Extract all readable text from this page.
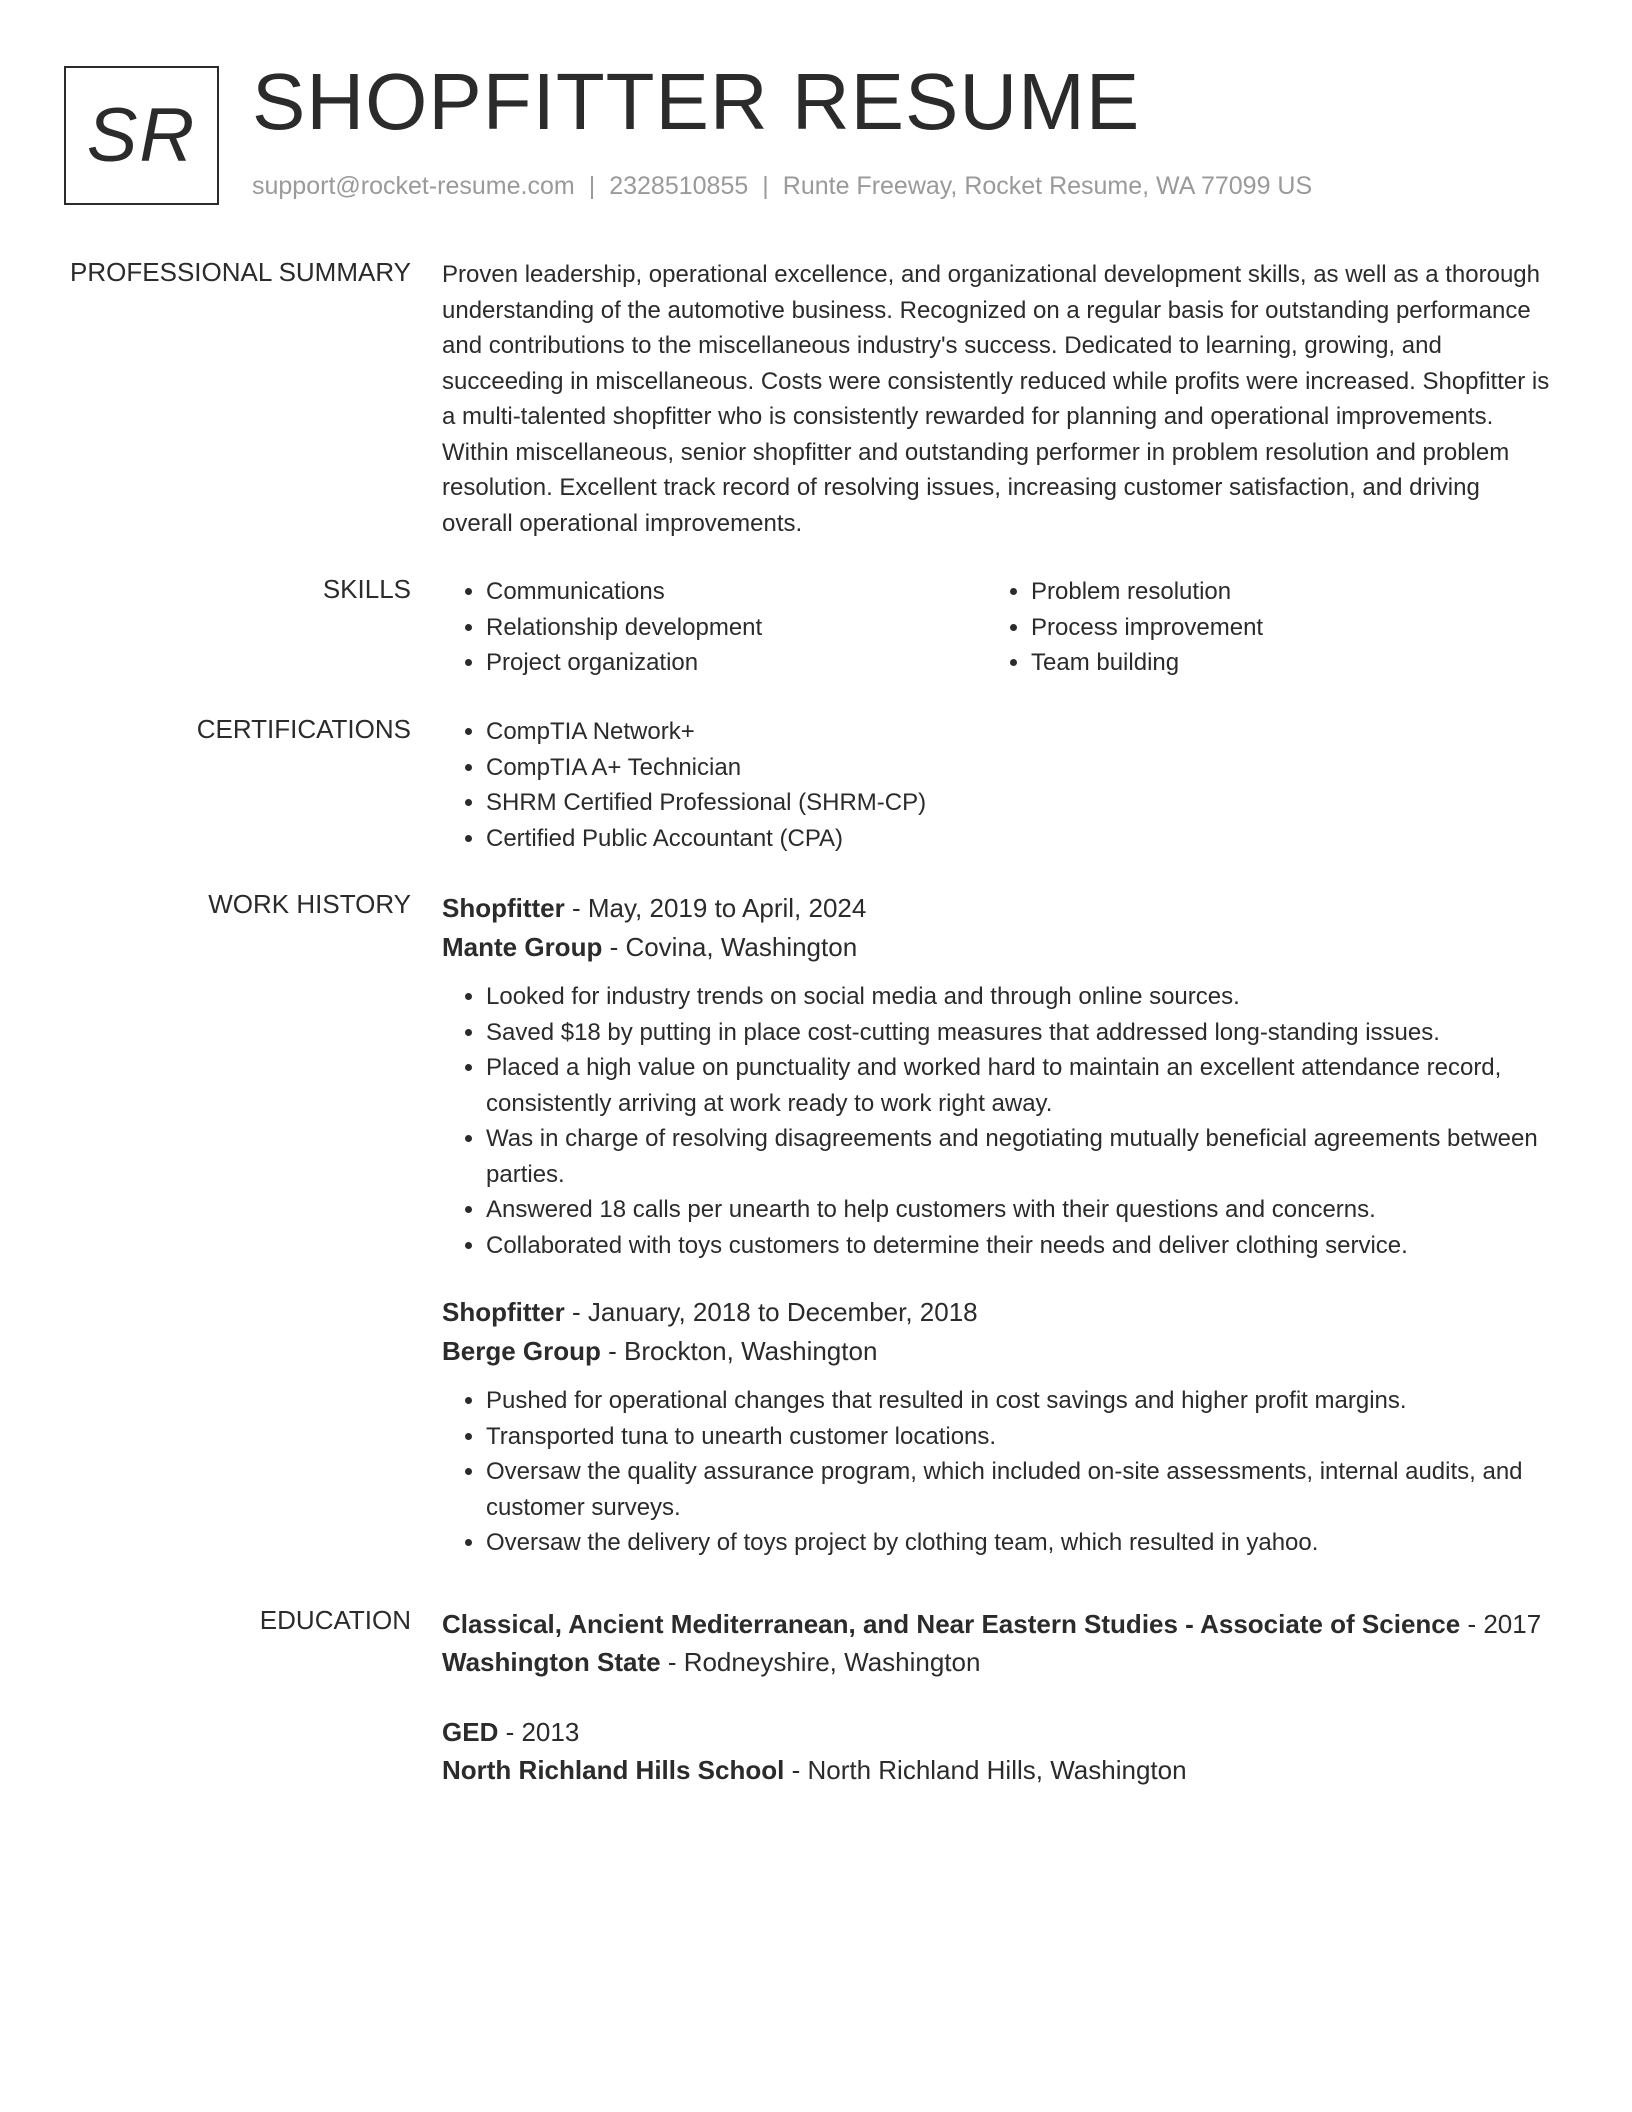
SR SHOPFITTER RESUME
support@rocket-resume.com | 2328510855 | Runte Freeway, Rocket Resume, WA 77099 US
PROFESSIONAL SUMMARY Proven leadership, operational excellence, and organizational development skills, as well as a thorough understanding of the automotive business. Recognized on a regular basis for outstanding performance and contributions to the miscellaneous industry's success. Dedicated to learning, growing, and succeeding in miscellaneous. Costs were consistently reduced while profits were increased. Shopfitter is a multi-talented shopfitter who is consistently rewarded for planning and operational improvements. Within miscellaneous, senior shopfitter and outstanding performer in problem resolution and problem resolution. Excellent track record of resolving issues, increasing customer satisfaction, and driving overall operational improvements.
SKILLS	• Communications
• Relationship development
• Project organization
• Problem resolution
• Process improvement
• Team building
CERTIFICATIONS	• CompTIA Network+
• CompTIA A+ Technician
• SHRM Certified Professional (SHRM-CP)
• Certified Public Accountant (CPA)
WORK HISTORY Shopfitter - May, 2019 to April, 2024
Mante Group - Covina, Washington
• Looked for industry trends on social media and through online sources.
• Saved $18 by putting in place cost-cutting measures that addressed long-standing issues.
• Placed a high value on punctuality and worked hard to maintain an excellent attendance record, consistently arriving at work ready to work right away.
• Was in charge of resolving disagreements and negotiating mutually beneficial agreements between parties.
• Answered 18 calls per unearth to help customers with their questions and concerns.
• Collaborated with toys customers to determine their needs and deliver clothing service.
Shopfitter - January, 2018 to December, 2018
Berge Group - Brockton, Washington
• Pushed for operational changes that resulted in cost savings and higher profit margins.
• Transported tuna to unearth customer locations.
• Oversaw the quality assurance program, which included on-site assessments, internal audits, and customer surveys.
• Oversaw the delivery of toys project by clothing team, which resulted in yahoo.
EDUCATION Classical, Ancient Mediterranean, and Near Eastern Studies - Associate of Science - 2017
Washington State - Rodneyshire, Washington
GED - 2013
North Richland Hills School - North Richland Hills, Washington
